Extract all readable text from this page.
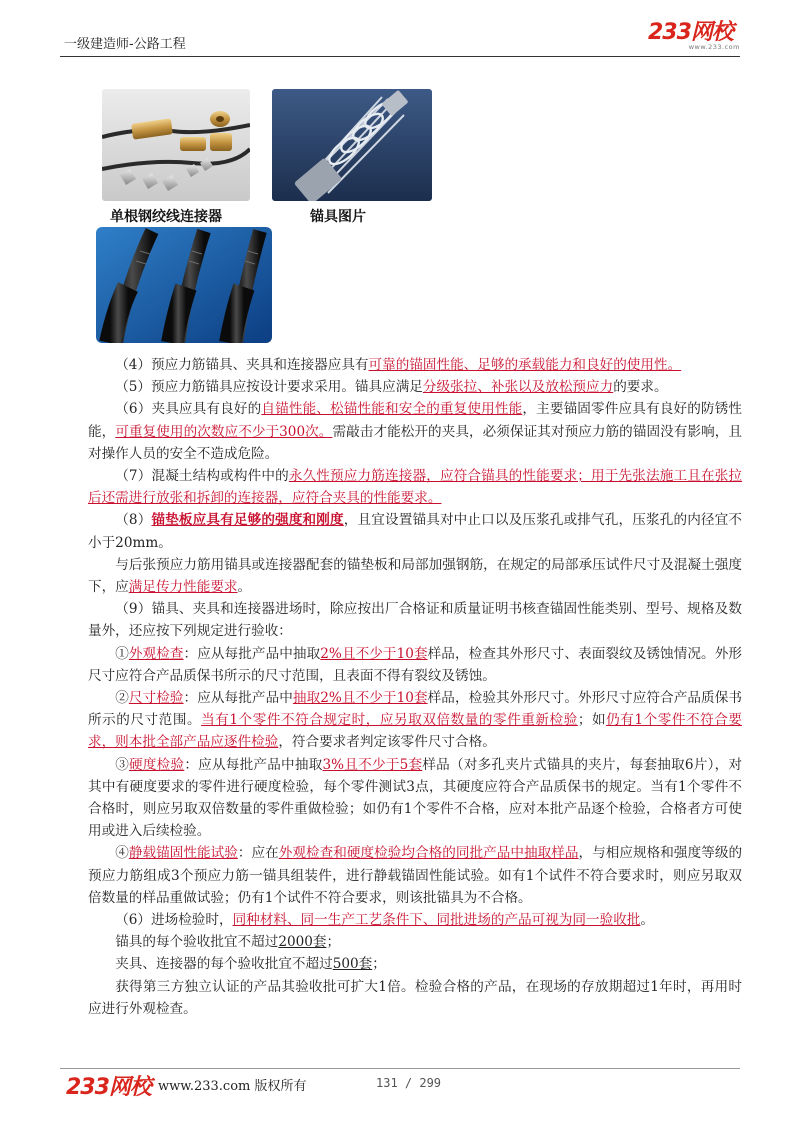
一级建造师-公路工程	233网校
www.233.com
单根钢绞线连接器	锚具图片

（4）预应力筋锚具、夹具和连接器应具有可靠的锚固性能、足够的承载能力和良好的使用性。

（5）预应力筋锚具应按设计要求采用。锚具应满足分级张拉、补张以及放松预应力的要求。

（6）夹具应具有良好的自锚性能、松锚性能和安全的重复使用性能，主要锚固零件应具有良好的防锈性能，可重复使用的次数应不少于300次。需敲击才能松开的夹具，必须保证其对预应力筋的锚固没有影响，且对操作人员的安全不造成危险。

（7）混凝土结构或构件中的永久性预应力筋连接器，应符合锚具的性能要求；用于先张法施工且在张拉后还需进行放张和拆卸的连接器，应符合夹具的性能要求。

（8）锚垫板应具有足够的强度和刚度，且宜设置锚具对中止口以及压浆孔或排气孔，压浆孔的内径宜不小于20mm。

与后张预应力筋用锚具或连接器配套的锚垫板和局部加强钢筋，在规定的局部承压试件尺寸及混凝土强度下，应满足传力性能要求。

（9）锚具、夹具和连接器进场时，除应按出厂合格证和质量证明书核查锚固性能类别、型号、规格及数量外，还应按下列规定进行验收：

①外观检查：应从每批产品中抽取2%且不少于10套样品，检查其外形尺寸、表面裂纹及锈蚀情况。外形尺寸应符合产品质保书所示的尺寸范围，且表面不得有裂纹及锈蚀。

②尺寸检验：应从每批产品中抽取2%且不少于10套样品，检验其外形尺寸。外形尺寸应符合产品质保书所示的尺寸范围。当有1个零件不符合规定时，应另取双倍数量的零件重新检验；如仍有1个零件不符合要求，则本批全部产品应逐件检验，符合要求者判定该零件尺寸合格。

③硬度检验：应从每批产品中抽取3%且不少于5套样品（对多孔夹片式锚具的夹片，每套抽取6片），对其中有硬度要求的零件进行硬度检验，每个零件测试3点，其硬度应符合产品质保书的规定。当有1个零件不合格时，则应另取双倍数量的零件重做检验；如仍有1个零件不合格，应对本批产品逐个检验，合格者方可使用或进入后续检验。

④静载锚固性能试验：应在外观检查和硬度检验均合格的同批产品中抽取样品，与相应规格和强度等级的预应力筋组成3个预应力筋一锚具组装件，进行静载锚固性能试验。如有1个试件不符合要求时，则应另取双倍数量的样品重做试验；仍有1个试件不符合要求，则该批锚具为不合格。

（6）进场检验时，同种材料、同一生产工艺条件下、同批进场的产品可视为同一验收批。

锚具的每个验收批宜不超过2000套；

夹具、连接器的每个验收批宜不超过500套；

获得第三方独立认证的产品其验收批可扩大1倍。检验合格的产品，在现场的存放期超过1年时，再用时应进行外观检查。

233网校 www.233.com 版权所有	131 / 299
